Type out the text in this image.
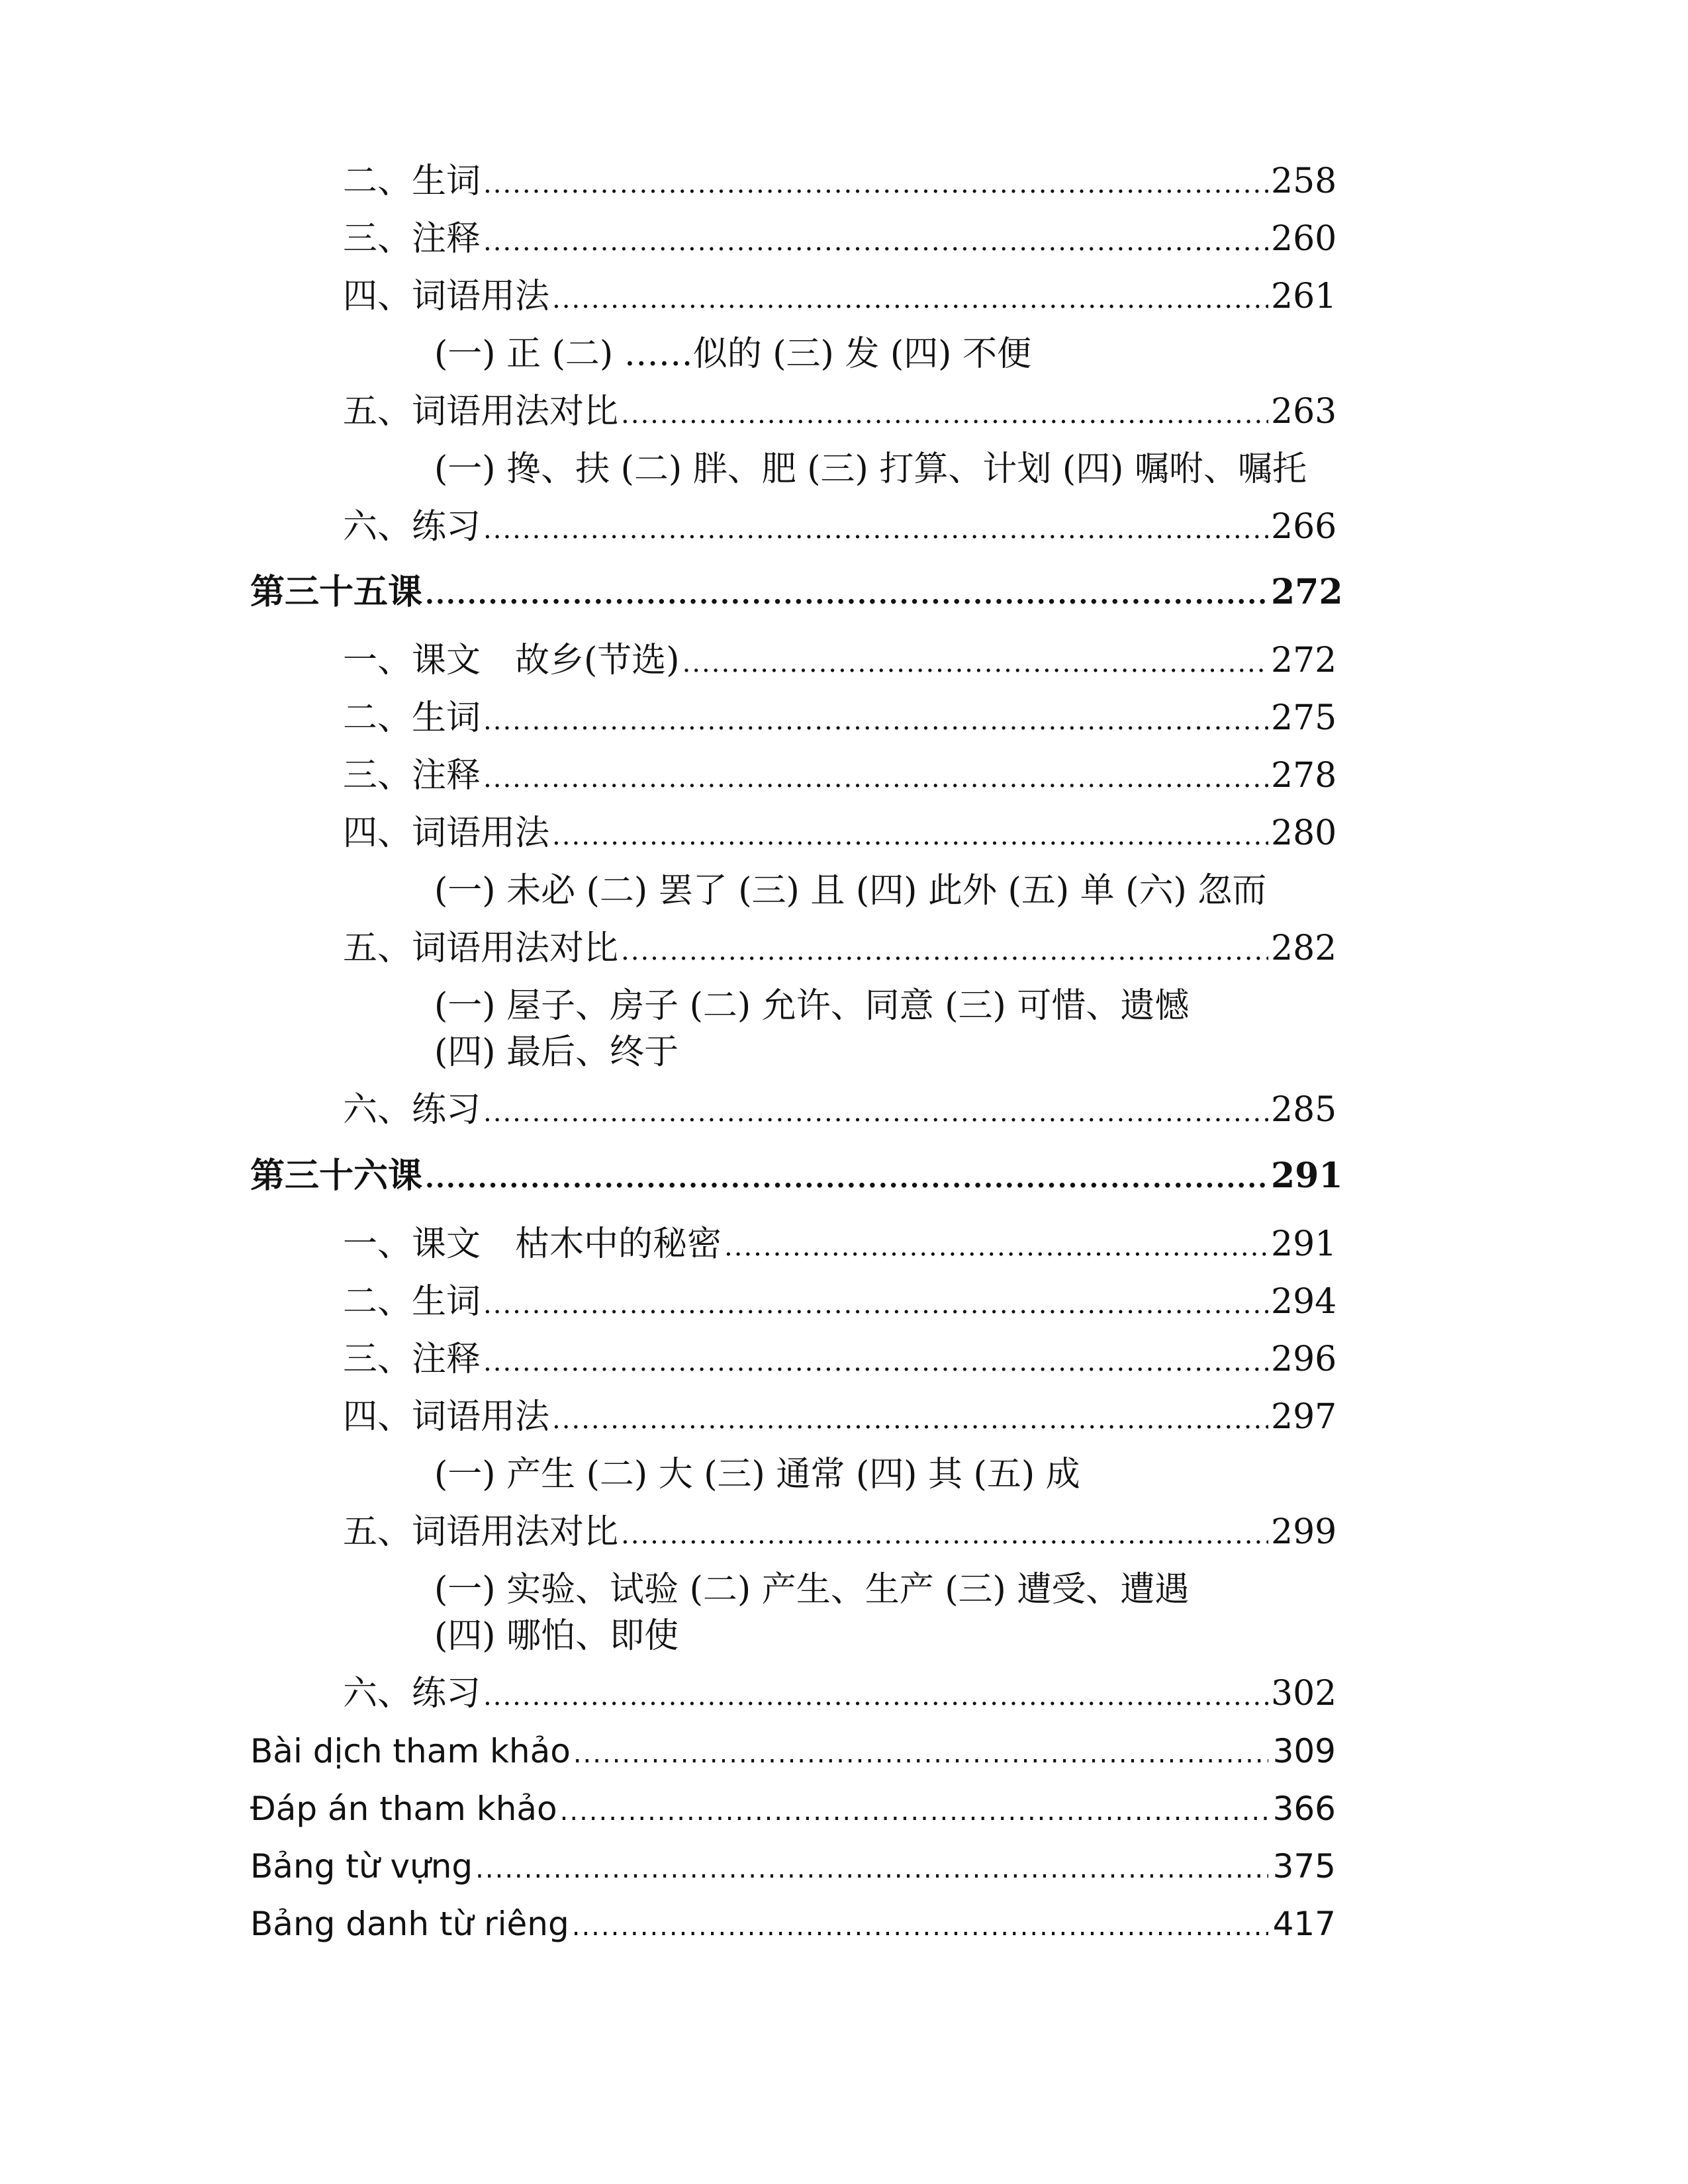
二、生词 .....	258
三、注释 .....	260
四、词语用法 .....	261
(一) 正 (二) ……似的 (三) 发 (四) 不便
五、词语用法对比 .....	263
(一) 搀、扶 (二) 胖、肥 (三) 打算、计划 (四) 嘱咐、嘱托
六、练习 .....	266
第三十五课 .....	272
一、课文　故乡(节选) .....	272
二、生词 .....	275
三、注释 .....	278
四、词语用法 .....	280
(一) 未必 (二) 罢了 (三) 且 (四) 此外 (五) 单 (六) 忽而
五、词语用法对比 .....	282
(一) 屋子、房子 (二) 允许、同意 (三) 可惜、遗憾
(四) 最后、终于
六、练习 .....	285
第三十六课 .....	291
一、课文　枯木中的秘密 .....	291
二、生词 .....	294
三、注释 .....	296
四、词语用法 .....	297
(一) 产生 (二) 大 (三) 通常 (四) 其 (五) 成
五、词语用法对比 .....	299
(一) 实验、试验 (二) 产生、生产 (三) 遭受、遭遇
(四) 哪怕、即使
六、练习 .....	302
Bài dịch tham khảo .....	309
Đáp án tham khảo .....	366
Bảng từ vựng .....	375
Bảng danh từ riêng .....	417
